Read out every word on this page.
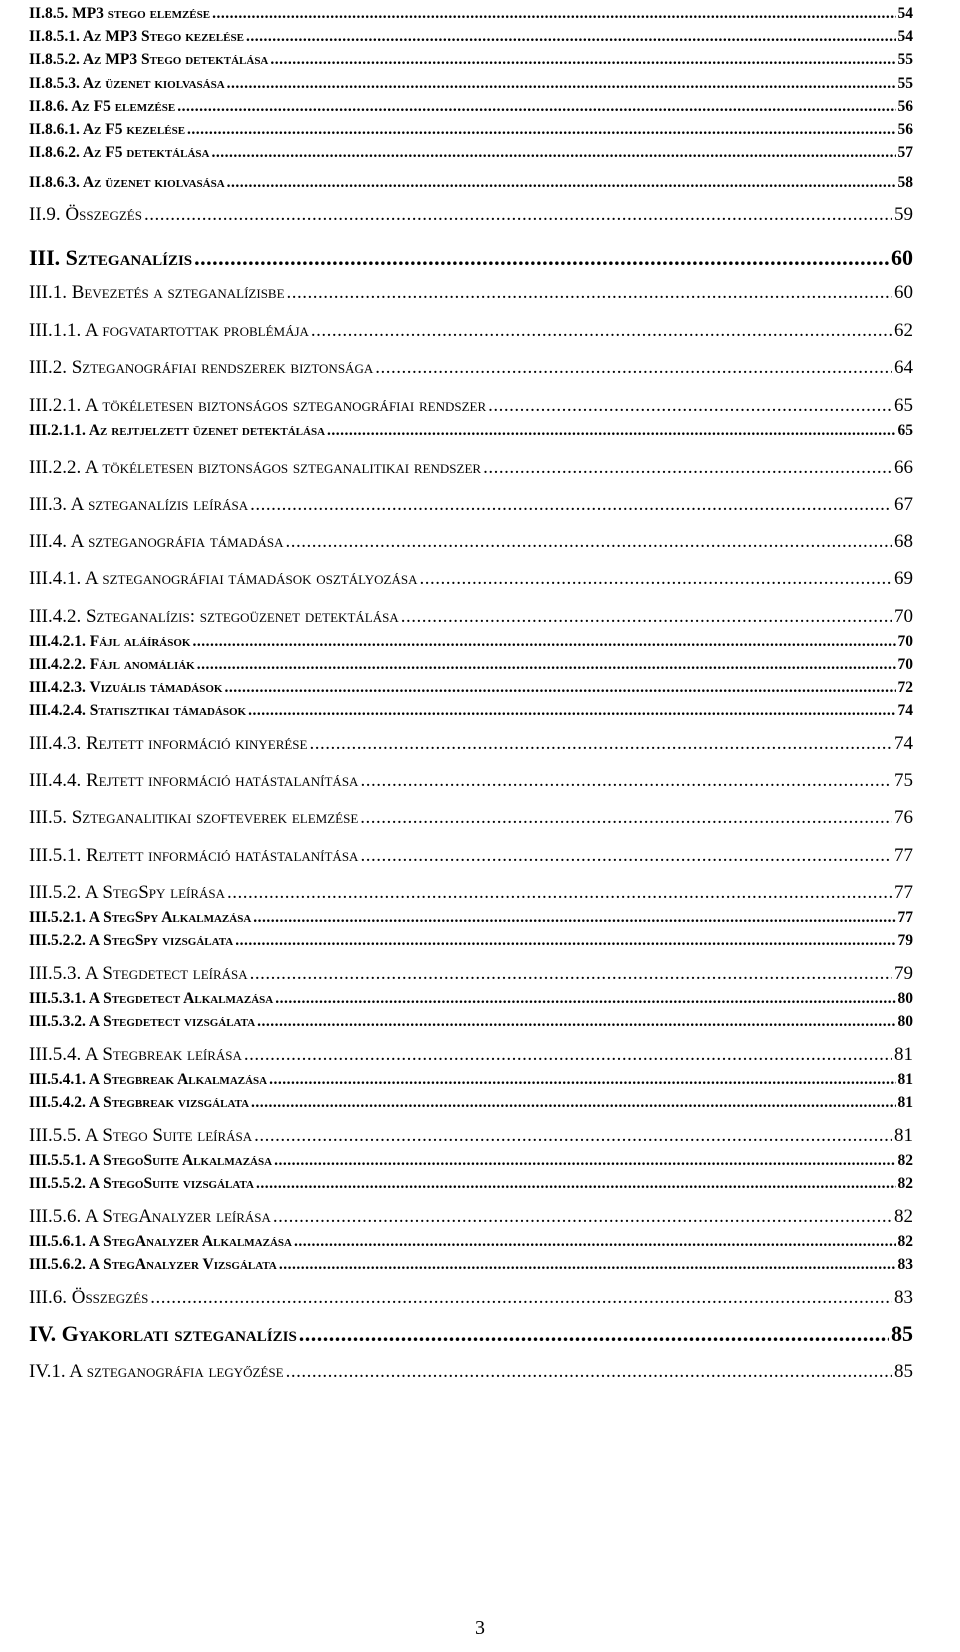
II.8.5. MP3 stego elemzése .....	54
II.8.5.1. Az MP3 Stego kezelése .....	54
II.8.5.2. Az MP3 Stego detektálása .....	55
II.8.5.3. Az üzenet kiolvasása .....	55
II.8.6. Az F5 elemzése .....	56
II.8.6.1. Az F5 kezelése .....	56
II.8.6.2. Az F5 detektálása .....	57
II.8.6.3. Az üzenet kiolvasása .....	58
II.9. Összegzés .....	59
III. Szteganalízis .....	60
III.1. Bevezetés a szteganalízisbe .....	60
III.1.1. A fogvatartottak problémája .....	62
III.2. Szteganográfiai rendszerek biztonsága .....	64
III.2.1. A tökéletesen biztonságos szteganográfiai rendszer .....	65
III.2.1.1. Az rejtjelzett üzenet detektálása .....	65
III.2.2. A tökéletesen biztonságos szteganalitikai rendszer .....	66
III.3. A szteganalízis leírása .....	67
III.4. A szteganográfia támadása .....	68
III.4.1. A szteganográfiai támadások osztályozása .....	69
III.4.2. Szteganalízis: sztegoüzenet detektálása .....	70
III.4.2.1. Fájl aláírások .....	70
III.4.2.2. Fájl anomáliák .....	70
III.4.2.3. Vizuális támadások .....	72
III.4.2.4. Statisztikai támadások .....	74
III.4.3. Rejtett információ kinyerése .....	74
III.4.4. Rejtett információ hatástalanítása .....	75
III.5. Szteganalitikai szofteverek elemzése .....	76
III.5.1. Rejtett információ hatástalanítása .....	77
III.5.2. A StegSpy leírása .....	77
III.5.2.1. A StegSpy Alkalmazása .....	77
III.5.2.2. A StegSpy vizsgálata .....	79
III.5.3. A Stegdetect leírása .....	79
III.5.3.1. A Stegdetect Alkalmazása .....	80
III.5.3.2. A Stegdetect vizsgálata .....	80
III.5.4. A Stegbreak leírása .....	81
III.5.4.1. A Stegbreak Alkalmazása .....	81
III.5.4.2. A Stegbreak vizsgálata .....	81
III.5.5. A Stego Suite leírása .....	81
III.5.5.1. A StegoSuite Alkalmazása .....	82
III.5.5.2. A StegoSuite vizsgálata .....	82
III.5.6. A StegAnalyzer leírása .....	82
III.5.6.1. A StegAnalyzer Alkalmazása .....	82
III.5.6.2. A StegAnalyzer Vizsgálata .....	83
III.6. Összegzés .....	83
IV. Gyakorlati szteganalízis .....	85
IV.1. A szteganográfia legyőzése .....	85
3
